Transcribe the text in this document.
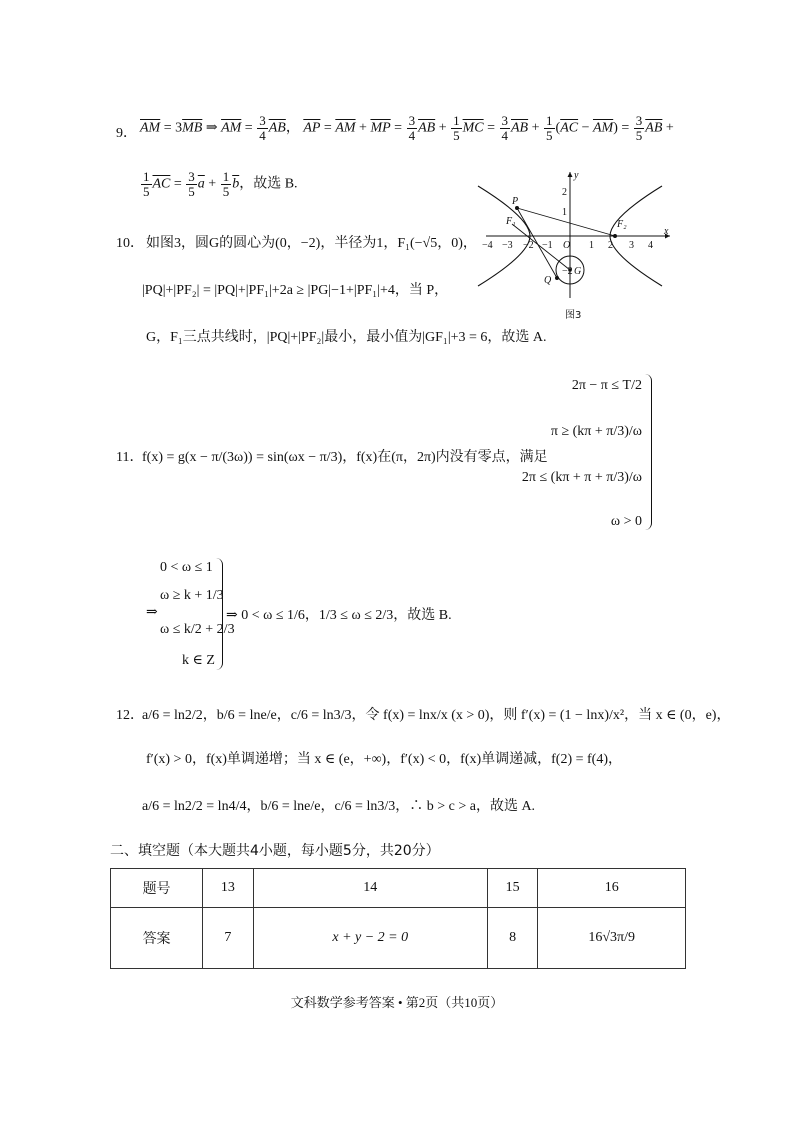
9． $\overline{AM} = 3\overline{MB}$ ⇒ $\overline{AM} = \frac{3}{4} \overline{AB}$， $\overline{AP} = \overline{AM} + \overline{MP} = \frac{3}{4} \overline{AB} + \frac{1}{5} \overline{MC} = \frac{3}{4} \overline{AB} + \frac{1}{5} (\overline{AC} - \overline{AM}) = \frac{3}{5} \overline{AB}$ +
$\frac{1}{5} \overline{AC} = \frac{3}{5} \overline{a} + \frac{1}{5} \overline{b}$，故选 B.
−4 −3 −2 −1 O 1 2 3 4
2
1
−2
y
x
P
F₁	F₂
Q
G
图3
10． 如图3，圆G的圆心为(0，−2)，半径为1，F₁(−√5，0)，
|PQ|+|PF₂| = |PQ|+|PF₁|+2a ≥ |PG|−1+|PF₁|+4，当 P，
G，F₁三点共线时，|PQ|+|PF₂|最小，最小值为|GF₁|+3 = 6，故选 A.
11．
f(x) = g(x − π/(3ω)) = sin(ωx − π/3)，f(x)在(π，2π)内没有零点，满足
2π − π ≤ T/2
π ≥ (kπ + π/3)/ω
2π ≤ (kπ + π + π/3)/ω
ω > 0
⇒
0 < ω ≤ 1
ω ≥ k + 1/3
ω ≤ k/2 + 2/3
k ∈ Z
⇒ 0 < ω ≤ 1/6，1/3 ≤ ω ≤ 2/3，故选 B.
12．
a/6 = ln2/2，b/6 = lne/e，c/6 = ln3/3，令 f(x) = lnx/x (x > 0)，则 f′(x) = (1 − lnx)/x²，当 x ∈ (0，e)，
f′(x) > 0，f(x)单调递增；当 x ∈ (e，+∞)，f′(x) < 0，f(x)单调递减，f(2) = f(4)，
a/6 = ln2/2 = ln4/4，b/6 = lne/e，c/6 = ln3/3，∴ b > c > a，故选 A.
二、填空题（本大题共4小题，每小题5分，共20分）
题号	13	14	15	16
答案	7	x + y − 2 = 0	8	16√3π/9
文科数学参考答案 • 第2页（共10页）
